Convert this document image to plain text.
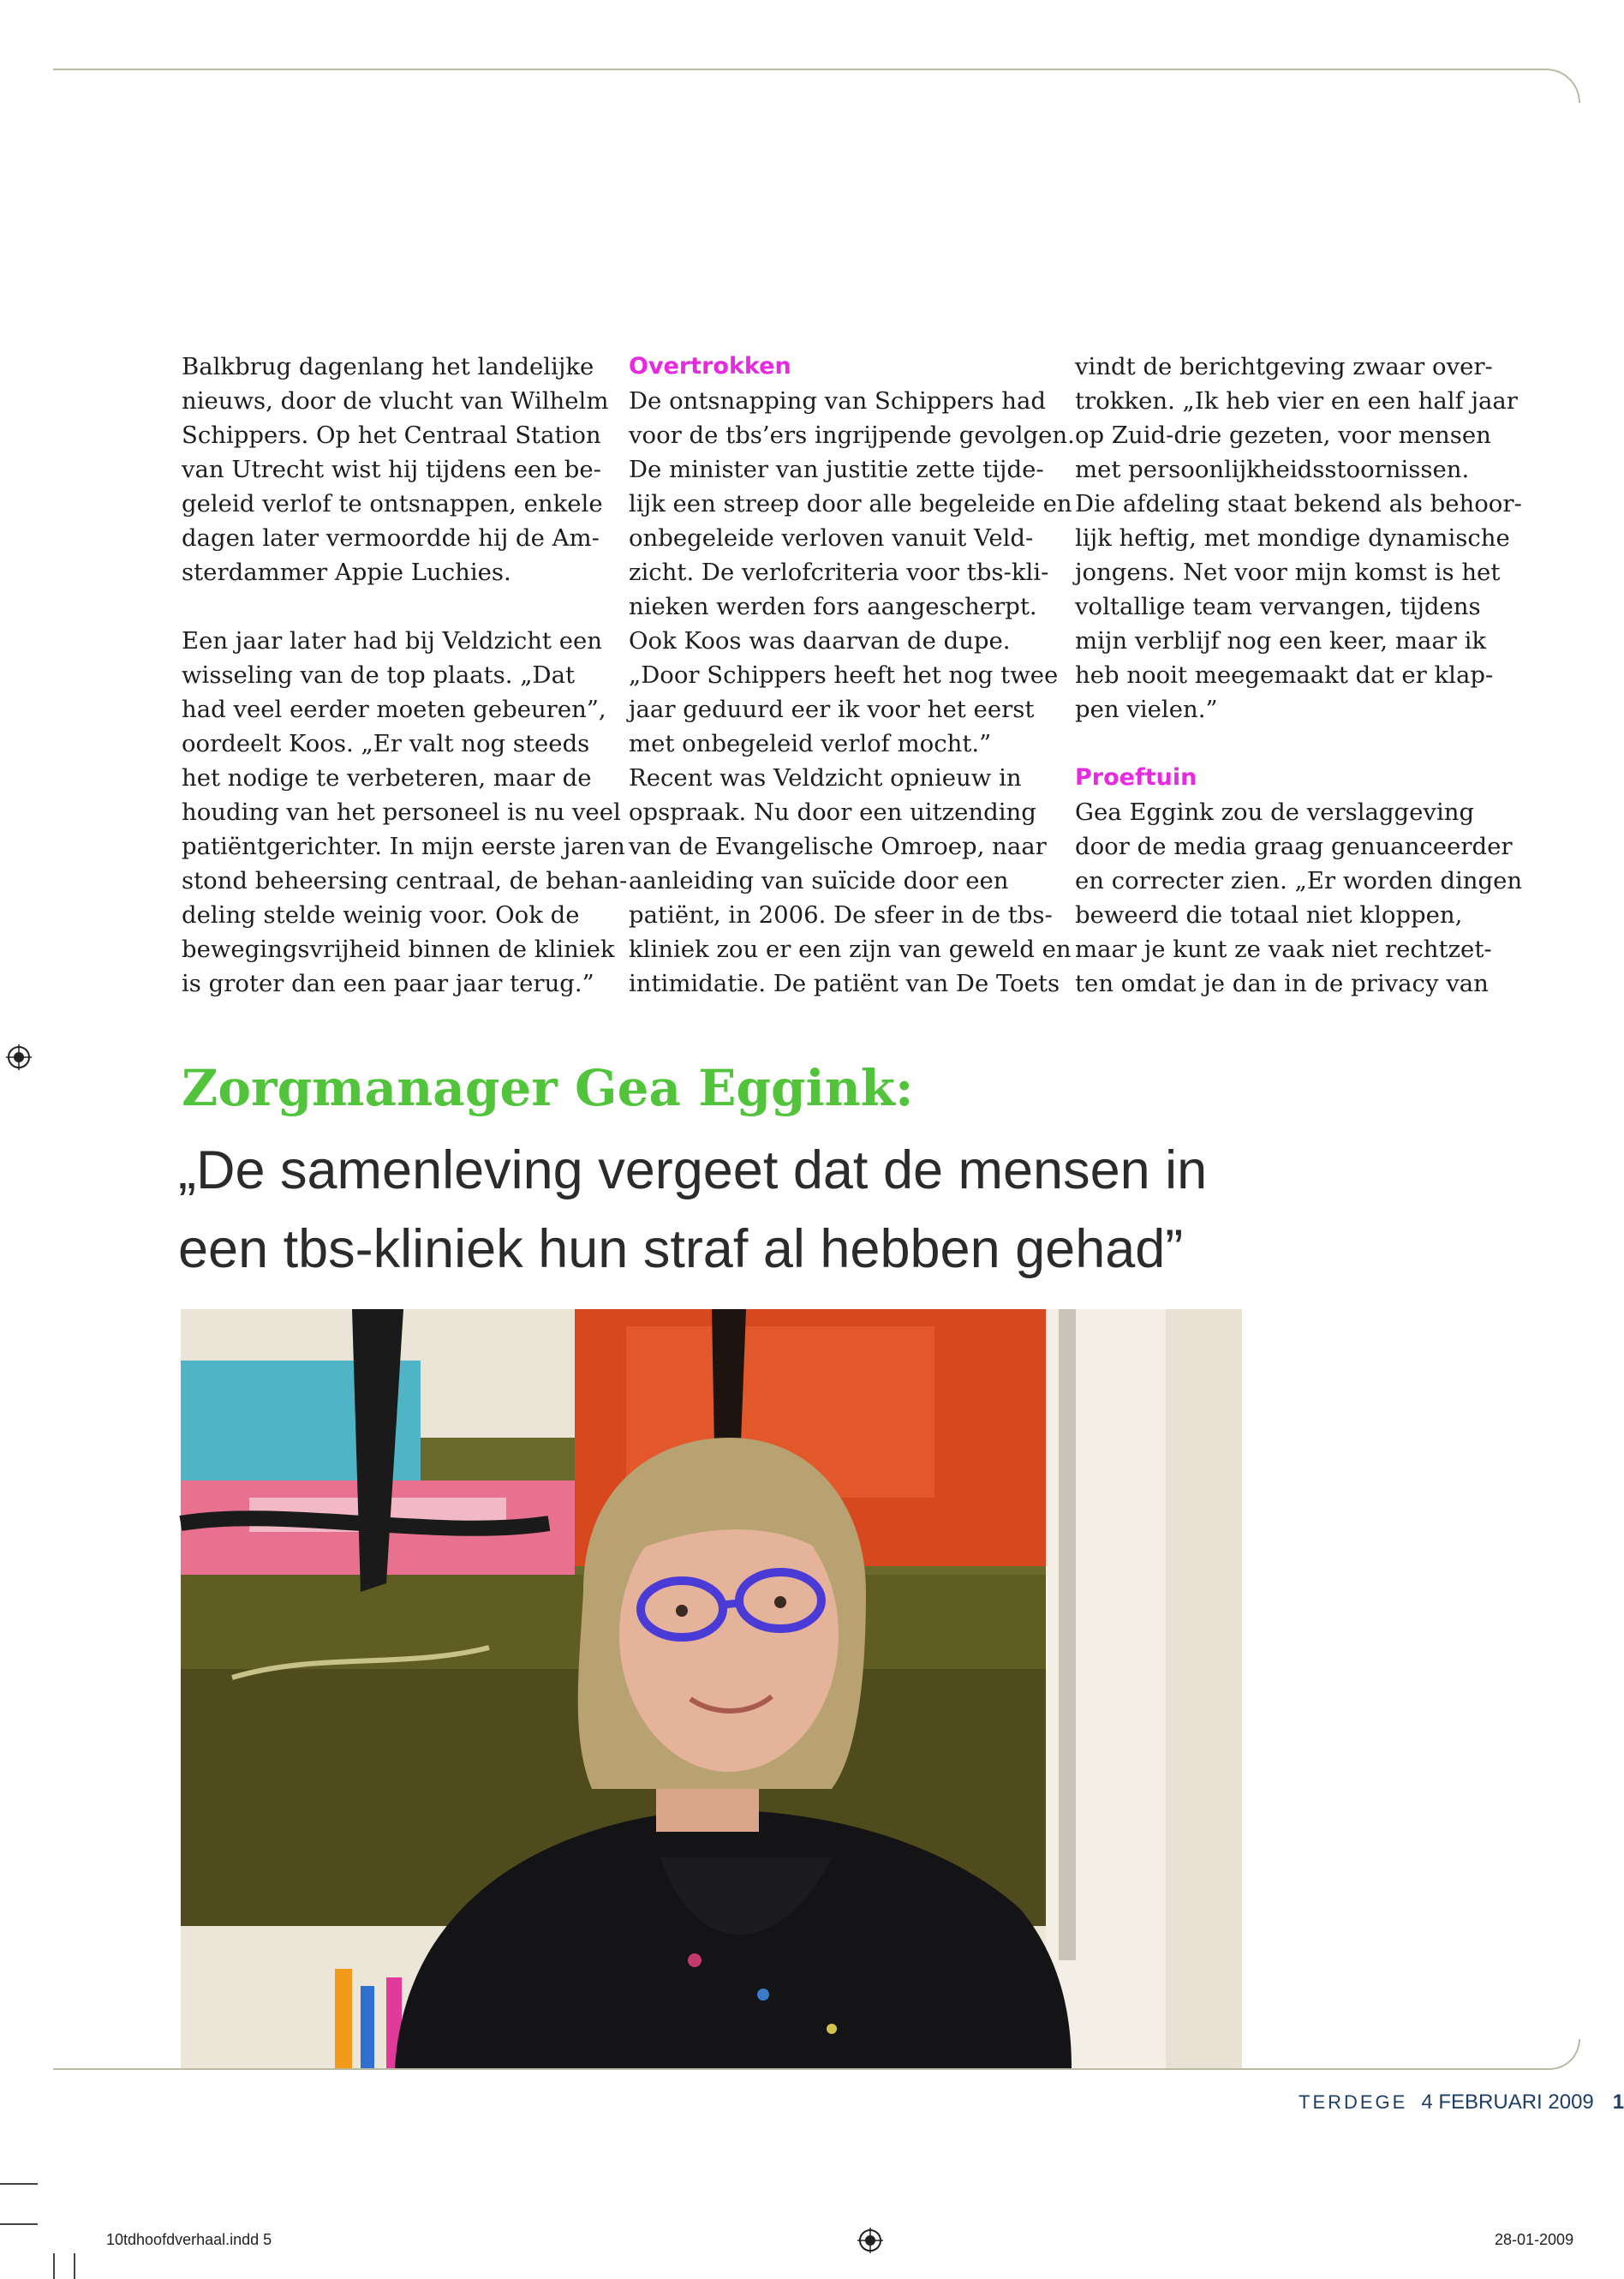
Balkbrug dagenlang het landelijke
nieuws, door de vlucht van Wilhelm
Schippers. Op het Centraal Station
van Utrecht wist hij tijdens een be-
geleid verlof te ontsnappen, enkele
dagen later vermoordde hij de Am-
sterdammer Appie Luchies.
Een jaar later had bij Veldzicht een
wisseling van de top plaats. „Dat
had veel eerder moeten gebeuren”,
oordeelt Koos. „Er valt nog steeds
het nodige te verbeteren, maar de
houding van het personeel is nu veel
patiëntgerichter. In mijn eerste jaren
stond beheersing centraal, de behan-
deling stelde weinig voor. Ook de
bewegingsvrijheid binnen de kliniek
is groter dan een paar jaar terug.”
Overtrokken
De ontsnapping van Schippers had
voor de tbs’ers ingrijpende gevolgen.
De minister van justitie zette tijde-
lijk een streep door alle begeleide en
onbegeleide verloven vanuit Veld-
zicht. De verlofcriteria voor tbs-kli-
nieken werden fors aangescherpt.
Ook Koos was daarvan de dupe.
„Door Schippers heeft het nog twee
jaar geduurd eer ik voor het eerst
met onbegeleid verlof mocht.”
Recent was Veldzicht opnieuw in
opspraak. Nu door een uitzending
van de Evangelische Omroep, naar
aanleiding van suïcide door een
patiënt, in 2006. De sfeer in de tbs-
kliniek zou er een zijn van geweld en
intimidatie. De patiënt van De Toets
vindt de berichtgeving zwaar over-
trokken. „Ik heb vier en een half jaar
op Zuid-drie gezeten, voor mensen
met persoonlijkheidsstoornissen.
Die afdeling staat bekend als behoor-
lijk heftig, met mondige dynamische
jongens. Net voor mijn komst is het
voltallige team vervangen, tijdens
mijn verblijf nog een keer, maar ik
heb nooit meegemaakt dat er klap-
pen vielen.”
Proeftuin
Gea Eggink zou de verslaggeving
door de media graag genuanceerder
en correcter zien. „Er worden dingen
beweerd die totaal niet kloppen,
maar je kunt ze vaak niet rechtzet-
ten omdat je dan in de privacy van
Zorgmanager Gea Eggink:
„De samenleving vergeet dat de mensen in
een tbs-kliniek hun straf al hebben gehad”
TERDEGE 4 FEBRUARI 2009 1
10tdhoofdverhaal.indd 5	28-01-2009
